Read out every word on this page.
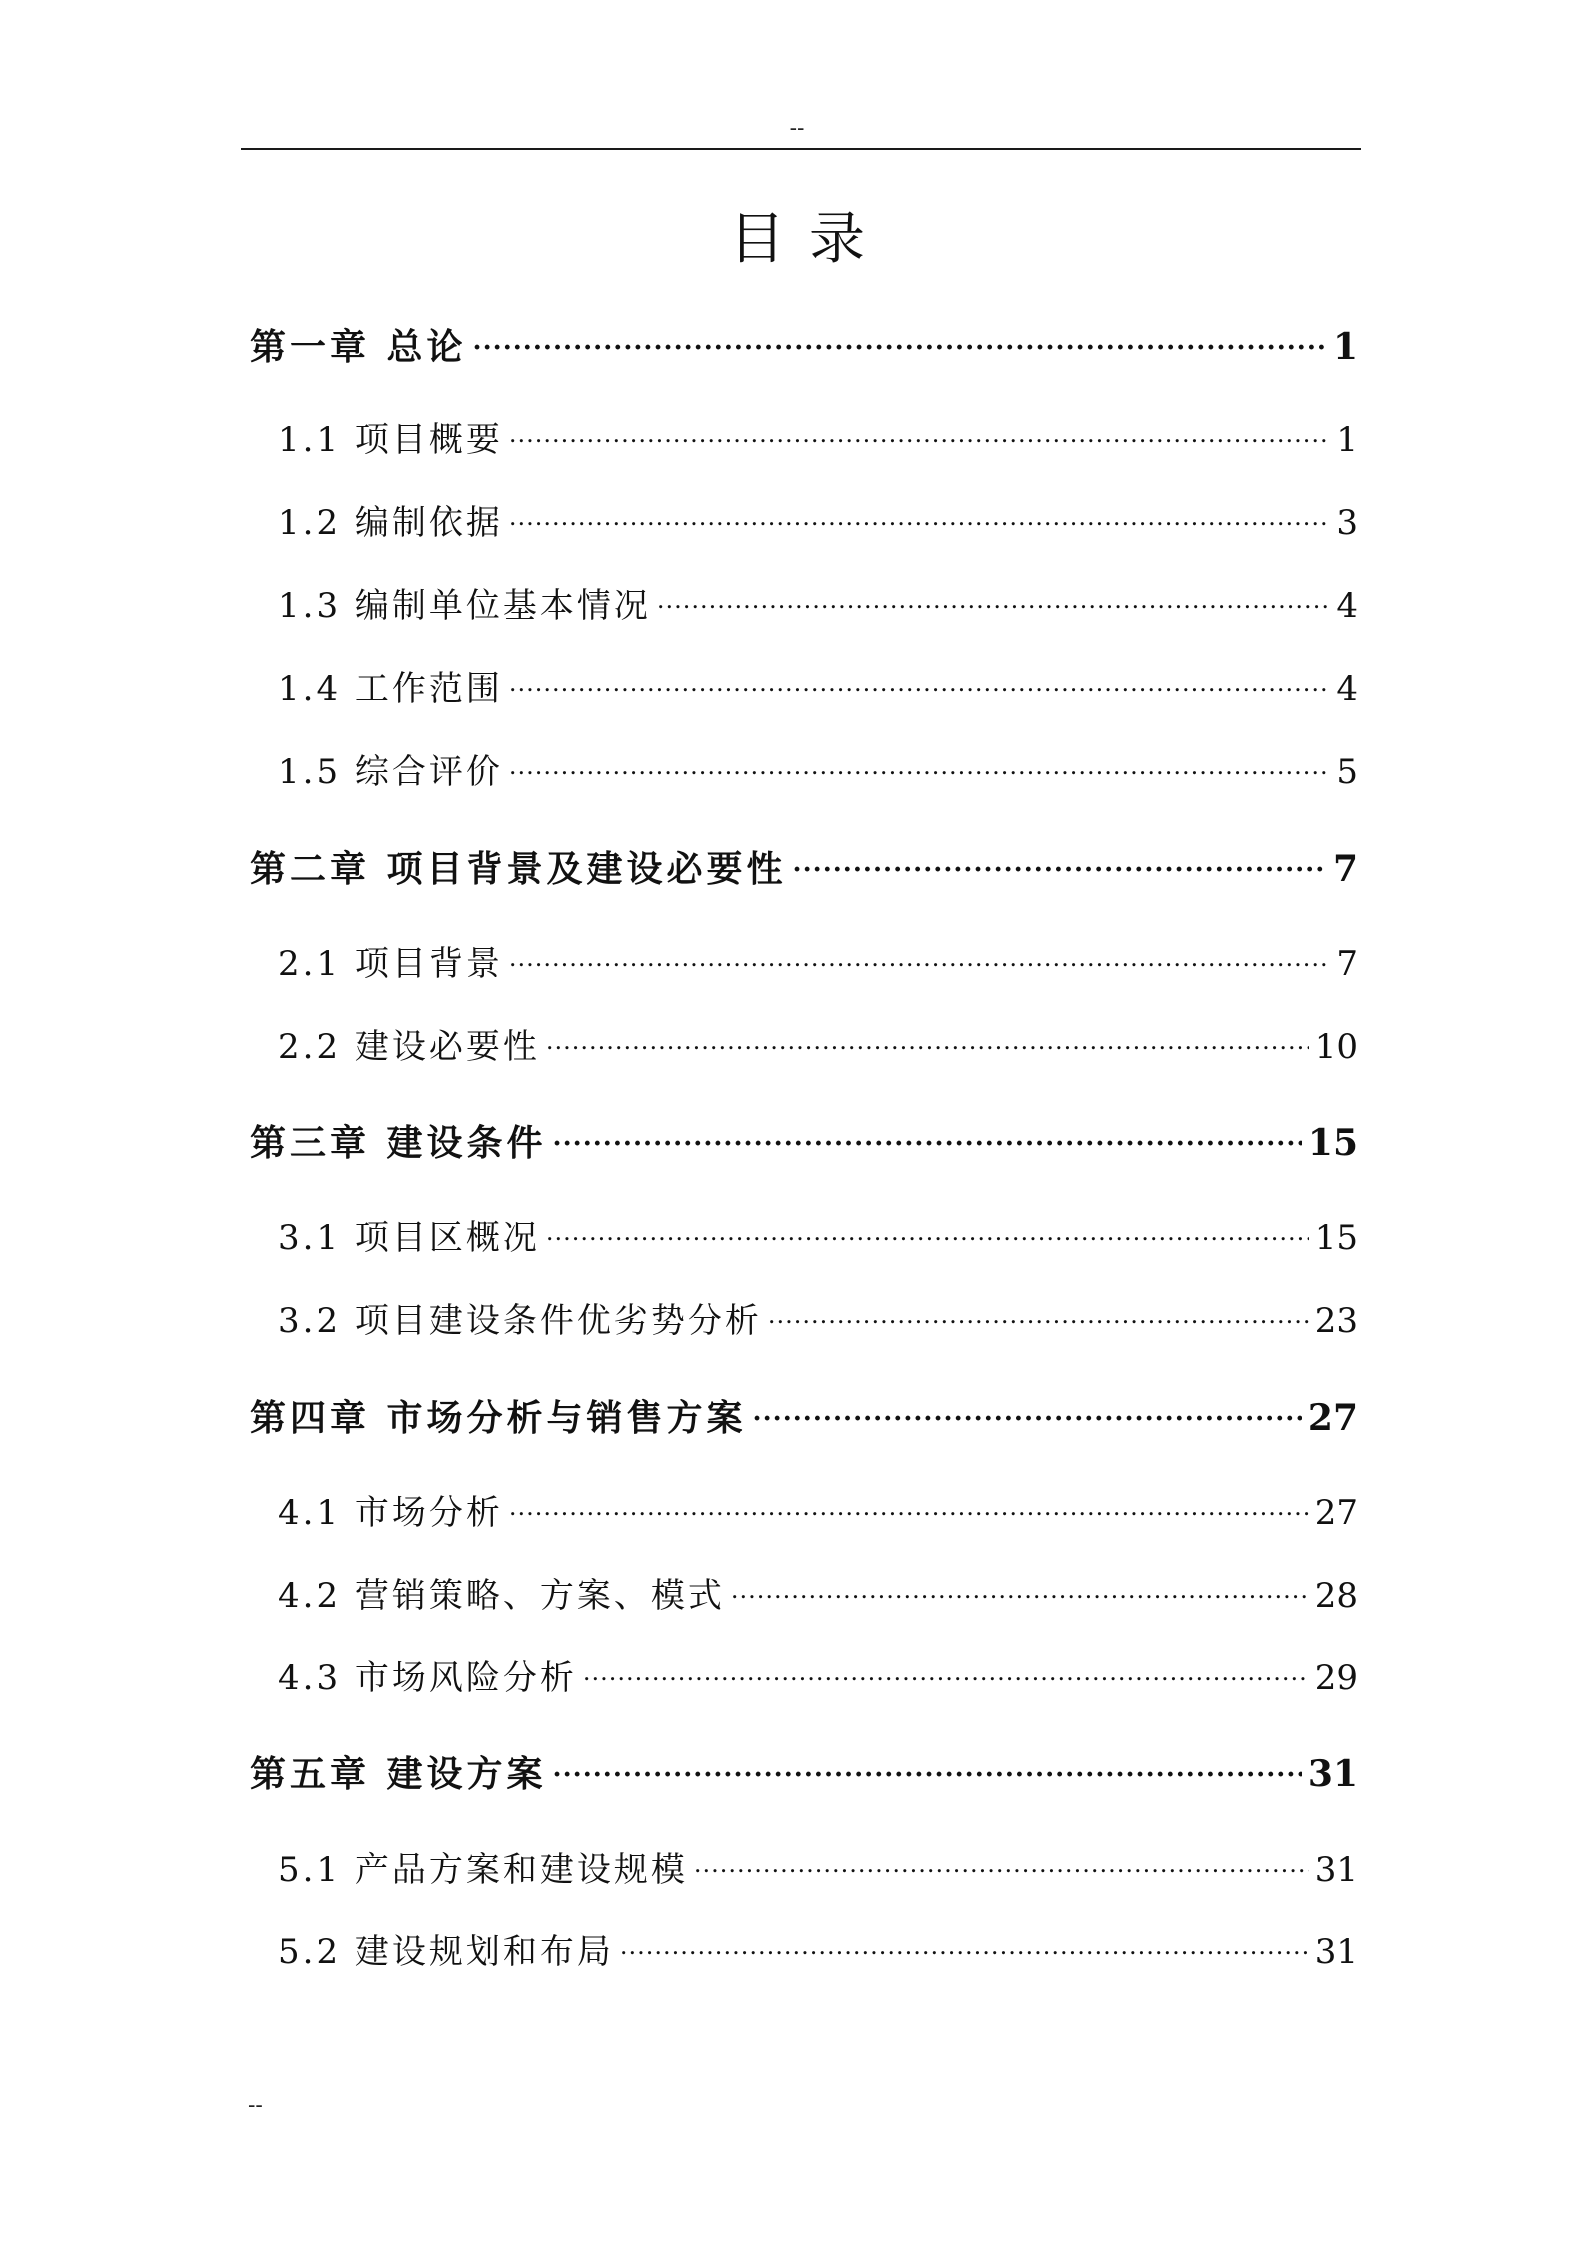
--
目录
第一章 总论 .....	1
1.1 项目概要 .....	1
1.2 编制依据 .....	3
1.3 编制单位基本情况 .....	4
1.4 工作范围 .....	4
1.5 综合评价 .....	5
第二章 项目背景及建设必要性 .....	7
2.1 项目背景 .....	7
2.2 建设必要性 .....	10
第三章 建设条件 .....	15
3.1 项目区概况 .....	15
3.2 项目建设条件优劣势分析 .....	23
第四章 市场分析与销售方案 .....	27
4.1 市场分析 .....	27
4.2 营销策略、方案、模式 .....	28
4.3 市场风险分析 .....	29
第五章 建设方案 .....	31
5.1 产品方案和建设规模 .....	31
5.2 建设规划和布局 .....	31
--
